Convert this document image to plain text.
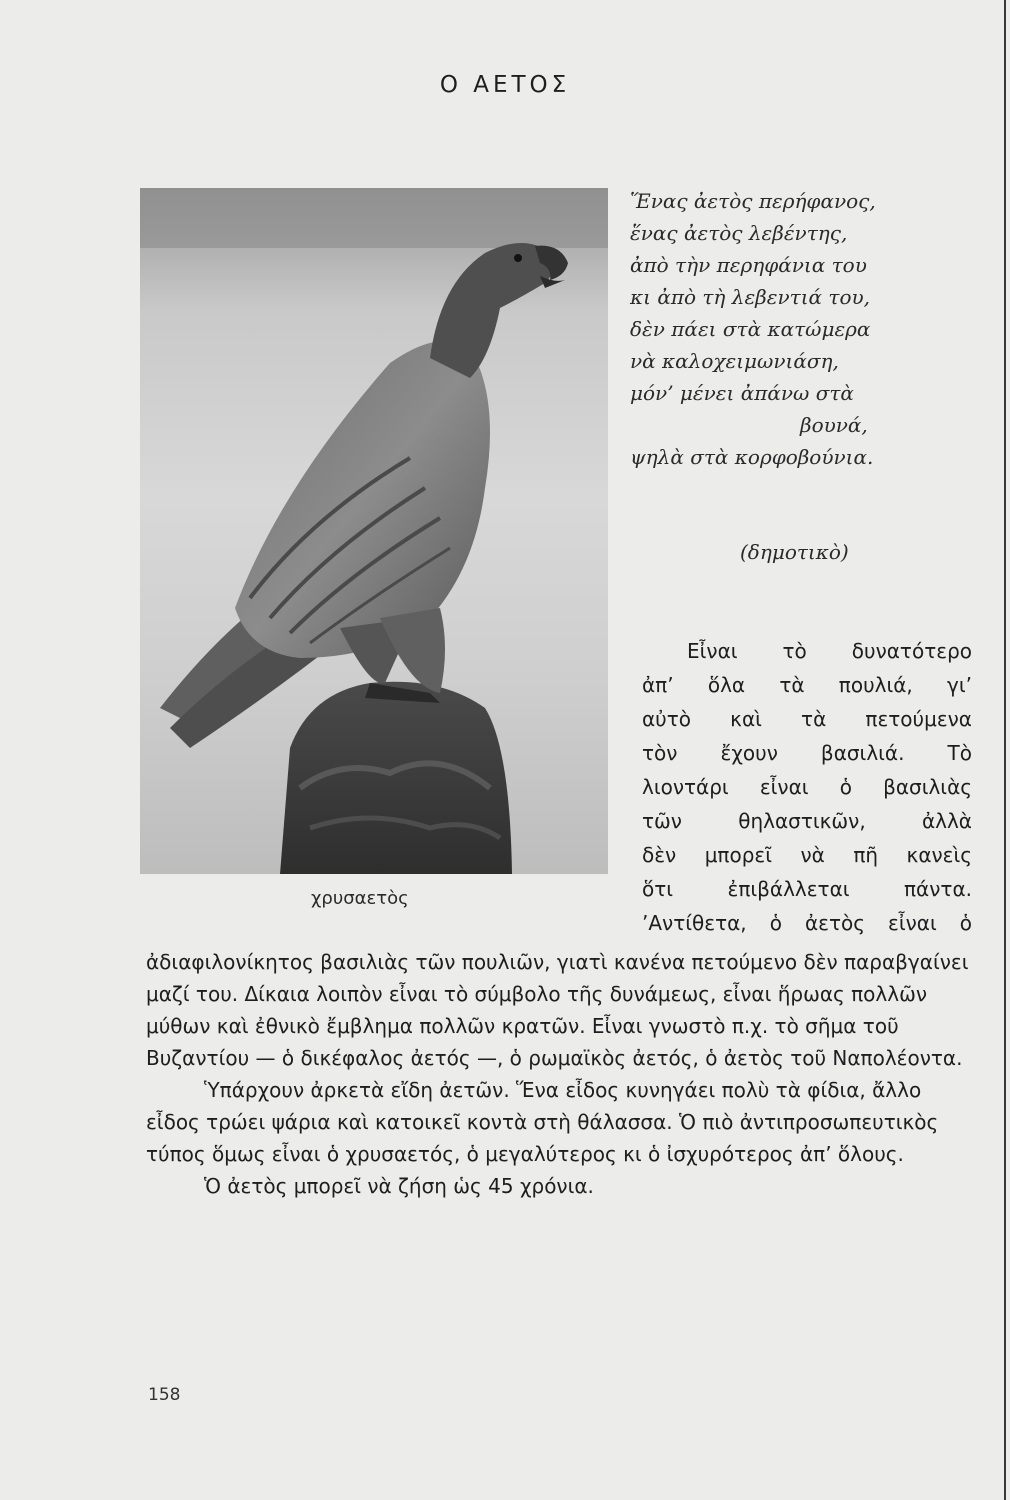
Ο ΑΕΤΟΣ
χρυσαετὸς
Ἕνας ἀετὸς περήφανος,
ἕνας ἀετὸς λεβέντης,
ἀπὸ τὴν περηφάνια του
κι ἀπὸ τὴ λεβεντιά του,
δὲν πάει στὰ κατώμερα
νὰ καλοχειμωνιάση,
μόν’ μένει ἀπάνω στὰ
βουνά,
ψηλὰ στὰ κορφοβούνια.
(δημοτικὸ)
Εἶναι τὸ δυνατότερο
ἀπ’ ὅλα τὰ πουλιά, γι’
αὐτὸ καὶ τὰ πετούμενα
τὸν ἔχουν βασιλιά. Τὸ
λιοντάρι εἶναι ὁ βασιλιὰς
τῶν θηλαστικῶν, ἀλλὰ
δὲν μπορεῖ νὰ πῆ κανεὶς
ὅτι ἐπιβάλλεται πάντα.
’Αντίθετα, ὁ ἀετὸς εἶναι ὁ

ἀδιαφιλονίκητος βασιλιὰς τῶν πουλιῶν, γιατὶ κανένα πετούμενο δὲν παραβγαίνει μαζί του. Δίκαια λοιπὸν εἶναι τὸ σύμβολο τῆς δυνάμεως, εἶναι ἥρωας πολλῶν μύθων καὶ ἐθνικὸ ἔμβλημα πολλῶν κρατῶν. Εἶναι γνωστὸ π.χ. τὸ σῆμα τοῦ Βυζαντίου — ὁ δικέφαλος ἀετός —, ὁ ρωμαϊκὸς ἀετός, ὁ ἀετὸς τοῦ Ναπολέοντα.

Ὑπάρχουν ἀρκετὰ εἴδη ἀετῶν. Ἕνα εἶδος κυνηγάει πολὺ τὰ φίδια, ἄλλο εἶδος τρώει ψάρια καὶ κατοικεῖ κοντὰ στὴ θάλασσα. Ὁ πιὸ ἀντιπροσωπευτικὸς τύπος ὅμως εἶναι ὁ χρυσαετός, ὁ μεγαλύτερος κι ὁ ἰσχυρότερος ἀπ’ ὅλους.

Ὁ ἀετὸς μπορεῖ νὰ ζήση ὡς 45 χρόνια.

158
